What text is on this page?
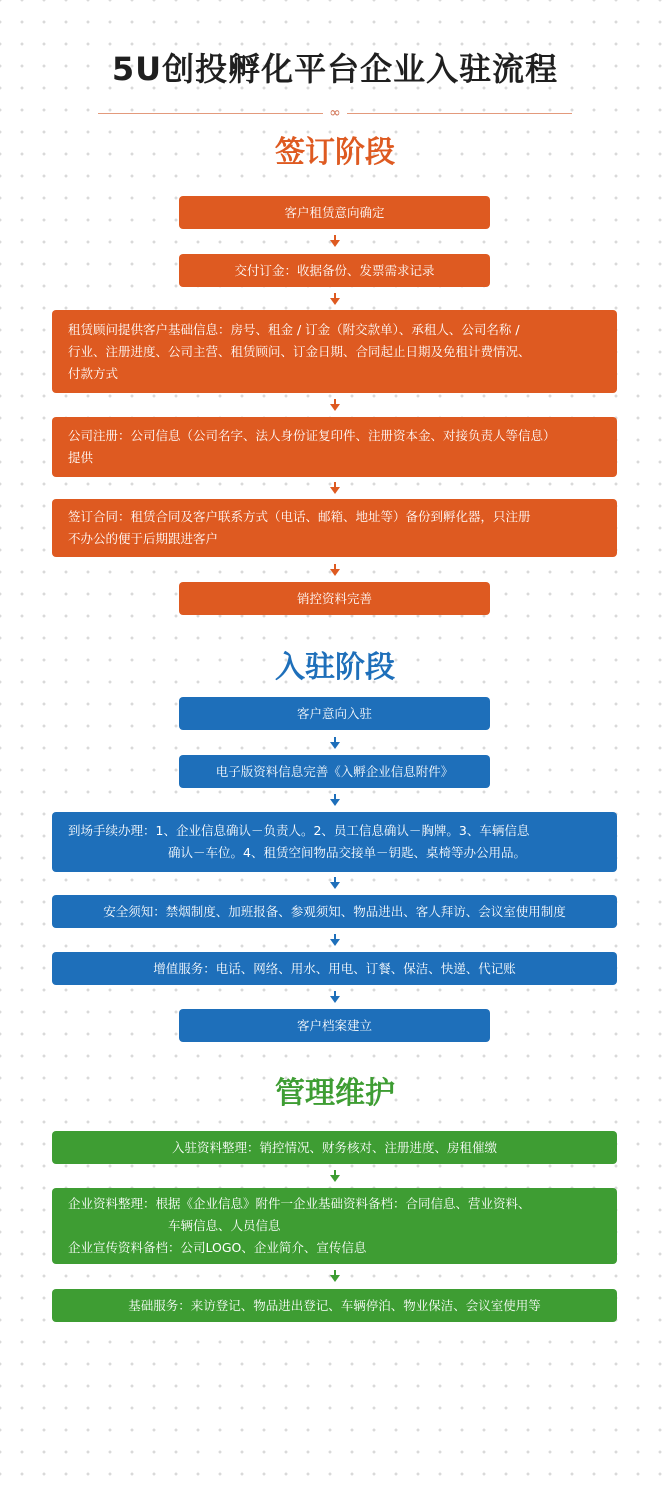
5U创投孵化平台企业入驻流程
∞
签订阶段
客户租赁意向确定
交付订金：收据备份、发票需求记录
租赁顾问提供客户基础信息：房号、租金 / 订金（附交款单）、承租人、公司名称 /
行业、注册进度、公司主营、租赁顾问、订金日期、合同起止日期及免租计费情况、
付款方式
公司注册：公司信息（公司名字、法人身份证复印件、注册资本金、对接负责人等信息）
提供
签订合同：租赁合同及客户联系方式（电话、邮箱、地址等）备份到孵化器，只注册
不办公的便于后期跟进客户
销控资料完善
入驻阶段
客户意向入驻
电子版资料信息完善《入孵企业信息附件》
到场手续办理：1、企业信息确认－负责人。2、员工信息确认－胸牌。3、车辆信息
确认－车位。4、租赁空间物品交接单－钥匙、桌椅等办公用品。
安全须知：禁烟制度、加班报备、参观须知、物品进出、客人拜访、会议室使用制度
增值服务：电话、网络、用水、用电、订餐、保洁、快递、代记账
客户档案建立
管理维护
入驻资料整理：销控情况、财务核对、注册进度、房租催缴
企业资料整理：根据《企业信息》附件一企业基础资料备档：合同信息、营业资料、
车辆信息、人员信息
企业宣传资料备档：公司LOGO、企业简介、宣传信息
基础服务：来访登记、物品进出登记、车辆停泊、物业保洁、会议室使用等
